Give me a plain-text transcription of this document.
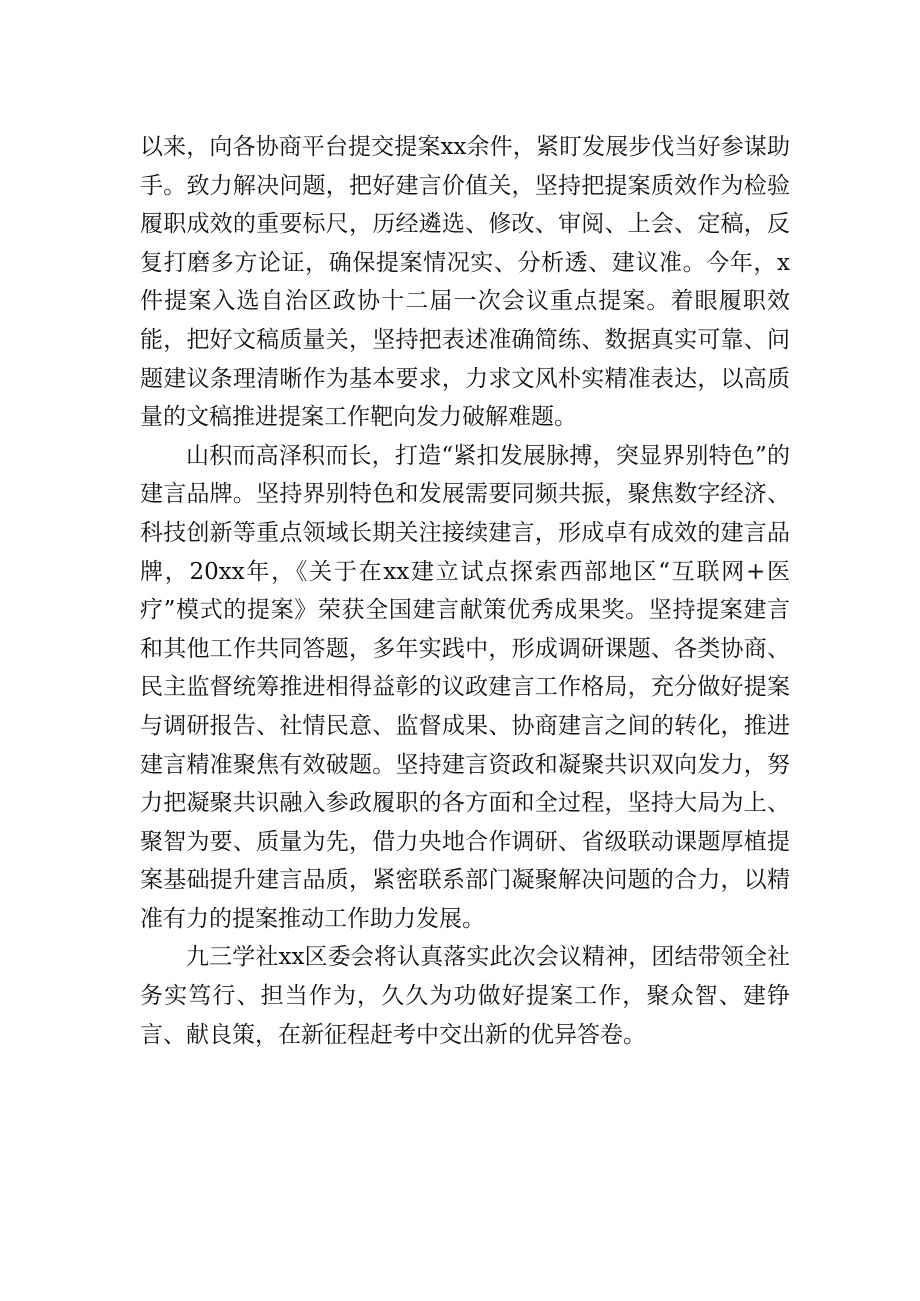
以来，向各协商平台提交提案xx余件，紧盯发展步伐当好参谋助手。致力解决问题，把好建言价值关，坚持把提案质效作为检验履职成效的重要标尺，历经遴选、修改、审阅、上会、定稿，反复打磨多方论证，确保提案情况实、分析透、建议准。今年，x件提案入选自治区政协十二届一次会议重点提案。着眼履职效能，把好文稿质量关，坚持把表述准确简练、数据真实可靠、问题建议条理清晰作为基本要求，力求文风朴实精准表达，以高质量的文稿推进提案工作靶向发力破解难题。

山积而高泽积而长，打造“紧扣发展脉搏，突显界别特色”的建言品牌。坚持界别特色和发展需要同频共振，聚焦数字经济、科技创新等重点领域长期关注接续建言，形成卓有成效的建言品牌，20xx年，《关于在xx建立试点探索西部地区“互联网+医疗”模式的提案》荣获全国建言献策优秀成果奖。坚持提案建言和其他工作共同答题，多年实践中，形成调研课题、各类协商、民主监督统筹推进相得益彰的议政建言工作格局，充分做好提案与调研报告、社情民意、监督成果、协商建言之间的转化，推进建言精准聚焦有效破题。坚持建言资政和凝聚共识双向发力，努力把凝聚共识融入参政履职的各方面和全过程，坚持大局为上、聚智为要、质量为先，借力央地合作调研、省级联动课题厚植提案基础提升建言品质，紧密联系部门凝聚解决问题的合力，以精准有力的提案推动工作助力发展。

九三学社xx区委会将认真落实此次会议精神，团结带领全社务实笃行、担当作为，久久为功做好提案工作，聚众智、建铮言、献良策，在新征程赶考中交出新的优异答卷。
